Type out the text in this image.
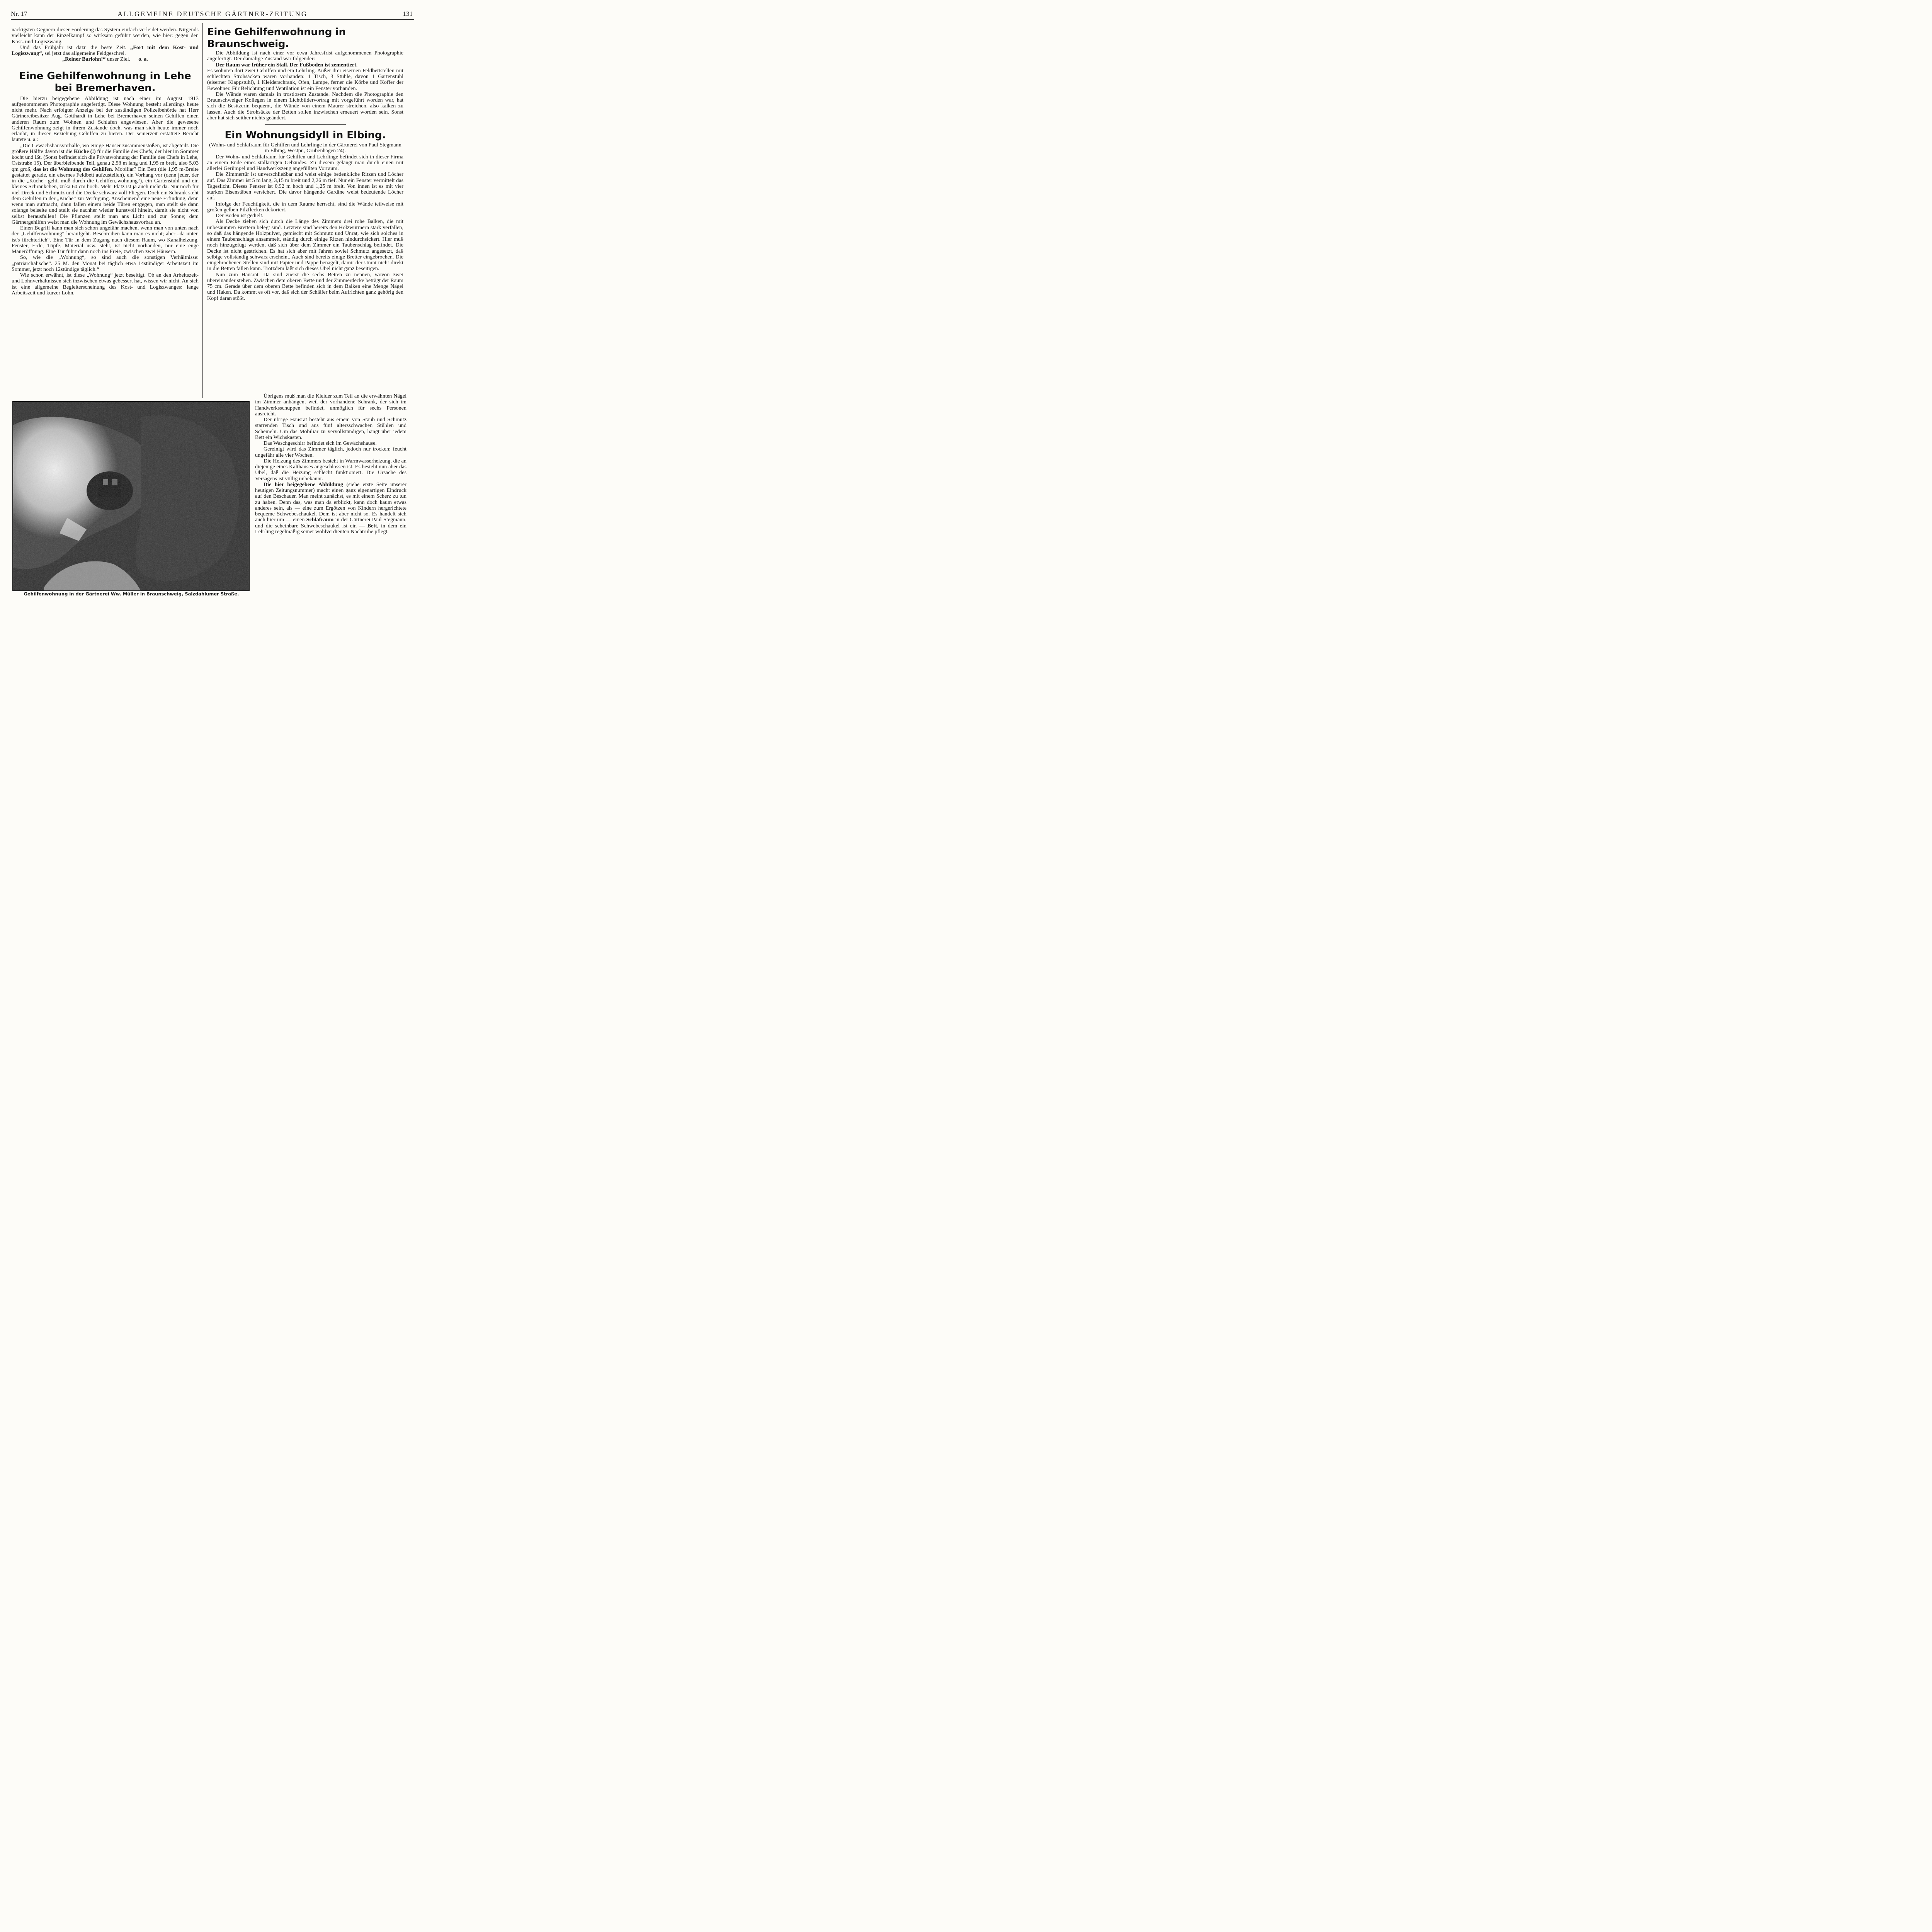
Nr. 17	ALLGEMEINE DEUTSCHE GÄRTNER-ZEITUNG	131

näckigsten Gegnern dieser Forderung das System einfach verleidet werden. Nirgends vielleicht kann der Einzelkampf so wirksam geführt werden, wie hier: gegen den Kost- und Logiszwang.

Und das Frühjahr ist dazu die beste Zeit. „Fort mit dem Kost- und Logiszwang“, sei jetzt das allgemeine Feldgeschrei.

„Reiner Barlohn!“ unser Ziel. o. a.

Eine Gehilfenwohnung in Lehe bei Bremerhaven.

Die hierzu beigegebene Abbildung ist nach einer im August 1913 aufgenommenen Photographie angefertigt. Diese Wohnung besteht allerdings heute nicht mehr. Nach erfolgter Anzeige bei der zuständigen Polizeibehörde hat Herr Gärtnereibesitzer Aug. Gotthardt in Lehe bei Bremerhaven seinen Gehilfen einen anderen Raum zum Wohnen und Schlafen angewiesen. Aber die gewesene Gehilfenwohnung zeigt in ihrem Zustande doch, was man sich heute immer noch erlaubt, in dieser Beziehung Gehilfen zu bieten. Der seinerzeit erstattete Bericht lautete u. a.:

„Die Gewächshausvorhalle, wo einige Häuser zusammenstoßen, ist abgeteilt. Die größere Hälfte davon ist die Küche (!) für die Familie des Chefs, der hier im Sommer kocht und ißt. (Sonst befindet sich die Privatwohnung der Familie des Chefs in Lehe, Oststraße 15). Der überbleibende Teil, genau 2,58 m lang und 1,95 m breit, also 5,03 qm groß, das ist die Wohnung des Gehilfen. Mobiliar? Ein Bett (die 1,95 m-Breite gestattet gerade, ein eisernes Feldbett aufzustellen), ein Vorhang vor (denn jeder, der in die „Küche“ geht, muß durch die Gehilfen„wohnung“), ein Gartenstuhl und ein kleines Schränkchen, zirka 60 cm hoch. Mehr Platz ist ja auch nicht da. Nur noch für viel Dreck und Schmutz und die Decke schwarz voll Fliegen. Doch ein Schrank steht dem Gehilfen in der „Küche“ zur Verfügung. Anscheinend eine neue Erfindung, denn wenn man aufmacht, dann fallen einem beide Türen entgegen, man stellt sie dann solange beiseite und stellt sie nachher wieder kunstvoll hinein, damit sie nicht von selbst herausfallen! Die Pflanzen stellt man ans Licht und zur Sonne; dem Gärtnergehilfen weist man die Wohnung im Gewächshausvorbau an.

Einen Begriff kann man sich schon ungefähr machen, wenn man von unten nach der „Gehilfenwohnung“ heraufgeht. Beschreiben kann man es nicht; aber „da unten ist's fürchterlich“. Eine Tür in dem Zugang nach diesem Raum, wo Kanalheizung, Fenster, Erde, Töpfe, Material usw. steht, ist nicht vorhanden, nur eine enge Maueröffnung. Eine Tür führt dann noch ins Freie, zwischen zwei Häusern.

So, wie die „Wohnung“, so sind auch die sonstigen Verhältnisse: „patriarchalische“. 25 M. den Monat bei täglich etwa 14stündiger Arbeitszeit im Sommer, jetzt noch 12stündige täglich.“

Wie schon erwähnt, ist diese „Wohnung“ jetzt beseitigt. Ob an den Arbeitszeit- und Lohnverhältnissen sich inzwischen etwas gebessert hat, wissen wir nicht. An sich ist eine allgemeine Begleiterscheinung des Kost- und Logiszwanges: lange Arbeitszeit und kurzer Lohn.

Eine Gehilfenwohnung in Braunschweig.

Die Abbildung ist nach einer vor etwa Jahresfrist aufgenommenen Photographie angefertigt. Der damalige Zustand war folgender:

Der Raum war früher ein Stall. Der Fußboden ist zementiert.

Es wohnten dort zwei Gehilfen und ein Lehrling. Außer drei eisernen Feldbettstellen mit schlechten Strohsäcken waren vorhanden: 1 Tisch, 3 Stühle, davon 1 Gartenstuhl (eiserner Klappstuhl), 1 Kleiderschrank, Ofen, Lampe, ferner die Körbe und Koffer der Bewohner. Für Belichtung und Ventilation ist ein Fenster vorhanden.

Die Wände waren damals in trostlosem Zustande. Nachdem die Photographie den Braunschweiger Kollegen in einem Lichtbildervortrag mit vorgeführt worden war, hat sich die Besitzerin bequemt, die Wände von einem Maurer streichen, also kalken zu lassen. Auch die Strohsäcke der Betten sollen inzwischen erneuert worden sein. Sonst aber hat sich seither nichts geändert.

Ein Wohnungsidyll in Elbing.

(Wohn- und Schlafraum für Gehilfen und Lehrlinge in der Gärtnerei von Paul Stegmann in Elbing, Westpr., Grubenhagen 24).

Der Wohn- und Schlafraum für Gehilfen und Lehrlinge befindet sich in dieser Firma an einem Ende eines stallartigen Gebäudes. Zu diesem gelangt man durch einen mit allerlei Gerümpel und Handwerkszeug angefüllten Vorraum.

Die Zimmertür ist unverschließbar und weist einige bedenkliche Ritzen und Löcher auf. Das Zimmer ist 5 m lang, 3,15 m breit und 2,26 m tief. Nur ein Fenster vermittelt das Tageslicht. Dieses Fenster ist 0,92 m hoch und 1,25 m breit. Von innen ist es mit vier starken Eisenstäben versichert. Die davor hängende Gardine weist bedeutende Löcher auf.

Infolge der Feuchtigkeit, die in dem Raume herrscht, sind die Wände teilweise mit großen gelben Pilzflecken dekoriert.

Der Boden ist gedielt.

Als Decke ziehen sich durch die Länge des Zimmers drei rohe Balken, die mit unbesäumten Brettern belegt sind. Letztere sind bereits den Holzwürmern stark verfallen, so daß das hängende Holzpulver, gemischt mit Schmutz und Unrat, wie sich solches in einem Taubenschlage ansammelt, ständig durch einige Ritzen hindurchsickert. Hier muß noch hinzugefügt werden, daß sich über dem Zimmer ein Taubenschlag befindet. Die Decke ist nicht gestrichen. Es hat sich aber mit Jahren soviel Schmutz angesetzt, daß selbige vollständig schwarz erscheint. Auch sind bereits einige Bretter eingebrochen. Die eingebrochenen Stellen sind mit Papier und Pappe benagelt, damit der Unrat nicht direkt in die Betten fallen kann. Trotzdem läßt sich dieses Übel nicht ganz beseitigen.

Nun zum Hausrat. Da sind zuerst die sechs Betten zu nennen, wovon zwei übereinander stehen. Zwischen dem oberen Bette und der Zimmerdecke beträgt der Raum 75 cm. Gerade über dem oberen Bette befinden sich in dem Balken eine Menge Nägel und Haken. Da kommt es oft vor, daß sich der Schläfer beim Aufrichten ganz gehörig den Kopf daran stößt.

Übrigens muß man die Kleider zum Teil an die erwähnten Nägel im Zimmer anhängen, weil der vorhandene Schrank, der sich im Handwerksschuppen befindet, unmöglich für sechs Personen ausreicht.

Der übrige Hausrat besteht aus einem von Staub und Schmutz starrenden Tisch und aus fünf altersschwachen Stühlen und Schemeln. Um das Mobiliar zu vervollständigen, hängt über jedem Bett ein Wichskasten.

Das Waschgeschirr befindet sich im Gewächshause.

Gereinigt wird das Zimmer täglich, jedoch nur trocken; feucht ungefähr alle vier Wochen.

Die Heizung des Zimmers besteht in Warmwasserheizung, die an diejenige eines Kalthauses angeschlossen ist. Es besteht nun aber das Übel, daß die Heizung schlecht funktioniert. Die Ursache des Versagens ist völlig unbekannt.

Die hier beigegebene Abbildung (siehe erste Seite unserer heutigen Zeitungsnummer) macht einen ganz eigenartigen Eindruck auf den Beschauer. Man meint zunächst, es mit einem Scherz zu tun zu haben. Denn das, was man da erblickt, kann doch kaum etwas anderes sein, als — eine zum Ergötzen von Kindern hergerichtete bequeme Schwebeschaukel. Dem ist aber nicht so. Es handelt sich auch hier um — einen Schlafraum in der Gärtnerei Paul Stegmann, und die scheinbare Schwebeschaukel ist ein — Bett, in dem ein Lehrling regelmäßig seiner wohlverdienten Nachtruhe pflegt.

Gehilfenwohnung in der Gärtnerei Ww. Müller in Braunschweig, Salzdahlumer Straße.
